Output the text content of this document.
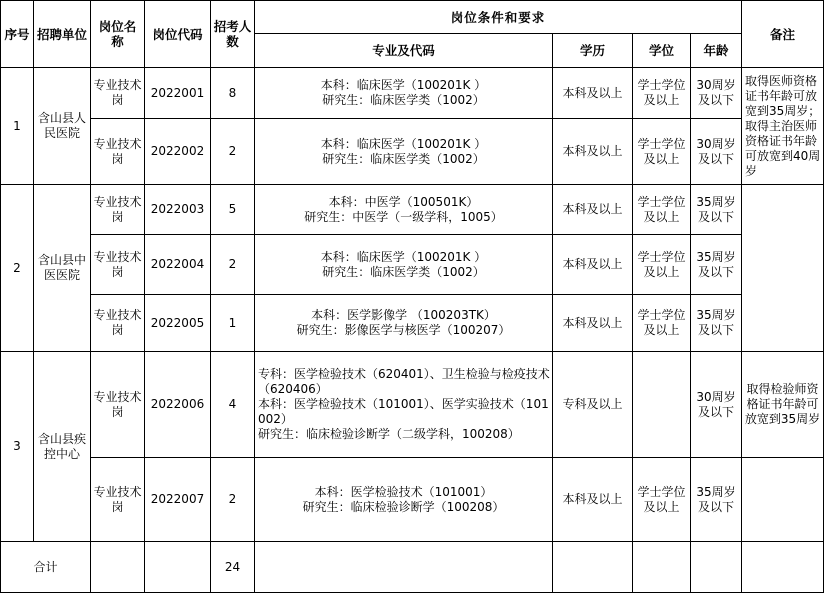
序号	招聘单位	岗位名称	岗位代码	招考人数	岗位条件和要求				备注
					专业及代码	学历	学位	年龄	
1	含山县人民医院	专业技术岗	2022001	8	本科：临床医学（100201K ）
研究生：临床医学类（1002）	本科及以上	学士学位及以上	30周岁及以下	取得医师资格证书年龄可放宽到35周岁；取得主治医师资格证书年龄可放宽到40周岁
		专业技术岗	2022002	2	本科：临床医学（100201K ）
研究生：临床医学类（1002）	本科及以上	学士学位及以上	30周岁及以下	
2	含山县中医医院	专业技术岗	2022003	5	本科：中医学（100501K）
研究生：中医学（一级学科，1005）	本科及以上	学士学位及以上	35周岁及以下	
		专业技术岗	2022004	2	本科：临床医学（100201K ）
研究生：临床医学类（1002）	本科及以上	学士学位及以上	35周岁及以下	
		专业技术岗	2022005	1	本科：医学影像学 （100203TK）
研究生：影像医学与核医学（100207）	本科及以上	学士学位及以上	35周岁及以下	
3	含山县疾控中心	专业技术岗	2022006	4	专科：医学检验技术（620401）、卫生检验与检疫技术（620406）
本科：医学检验技术（101001）、医学实验技术（101002）
研究生：临床检验诊断学（二级学科，100208）	专科及以上		30周岁及以下	取得检验师资格证书年龄可放宽到35周岁
		专业技术岗	2022007	2	本科：医学检验技术（101001）
研究生：临床检验诊断学（100208）	本科及以上	学士学位及以上	35周岁及以下	
合计				24					
